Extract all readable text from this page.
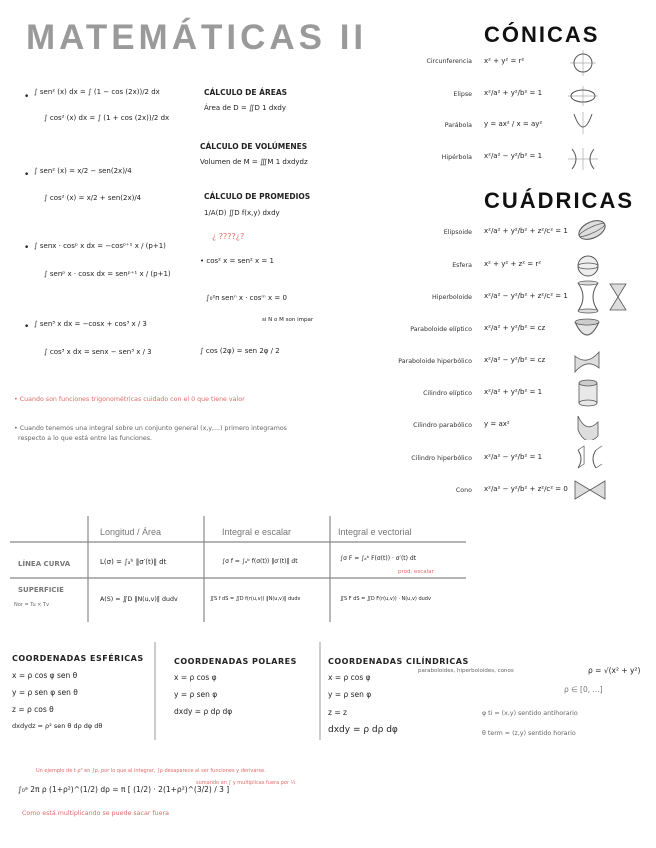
MATEMÁTICAS II	CÓNICAS
Circunferencia x² + y² = r²
Elipse x²/a² + y²/b² = 1
Parábola y = ax² / x = ay²
Hipérbola x²/a² − y²/b² = 1
CUÁDRICAS
Elipsoide x²/a² + y²/b² + z²/c² = 1
Esfera x² + y² + z² = r²
Hiperboloide x²/a² − y²/b² + z²/c² = 1
Paraboloide elíptico x²/a² + y²/b² = cz
Paraboloide hiperbólico x²/a² − y²/b² = cz
Cilindro elíptico x²/a² + y²/b² = 1
Cilindro parabólico y = ax²
Cilindro hiperbólico x²/a² − y²/b² = 1
Cono x²/a² − y²/b² + z²/c² = 0
• ∫ sen² (x) dx = ∫ (1 − cos (2x))/2 dx
∫ cos² (x) dx = ∫ (1 + cos (2x))/2 dx
• ∫ sen² (x) = x/2 − sen(2x)/4
∫ cos² (x) = x/2 + sen(2x)/4
• ∫ senx · cosᵖ x dx = −cosᵖ⁺¹ x / (p+1)
∫ senᵖ x · cosx dx = senᵖ⁺¹ x / (p+1)
• ∫ sen³ x dx = −cosx + cos³ x / 3
∫ cos³ x dx = senx − sen³ x / 3
CÁLCULO DE ÁREAS
Área de D = ∬D 1 dxdy
CÁLCULO DE VOLÚMENES
Volumen de M = ∭M 1 dxdydz
CÁLCULO DE PROMEDIOS
1/A(D) ∬D f(x,y) dxdy
¿ ????¿?
• cos² x = sen² x = 1
∫₀²ᴨ senⁿ x · cosᵐ x = 0
si N o M son impar
∫ cos (2φ) = sen 2φ / 2
• Cuando son funciones trigonométricas cuidado con el 0 que tiene valor
• Cuando tenemos una integral sobre un conjunto general (x,y,...) primero integramos
respecto a lo que está entre las funciones.
Longitud / Área	Integral e escalar	Integral e vectorial
LÍNEA CURVA	L(σ) = ∫ₐᵇ ‖σ′(t)‖ dt	∫σ f = ∫ₐᵇ f(σ(t)) ‖σ′(t)‖ dt	∫σ F = ∫ₐᵇ F(σ(t)) · σ′(t) dt
prod. escalar
SUPERFICIE
Nor = Tu × Tv
A(S) = ∬D ‖N(u,v)‖ dudv	∬S f dS = ∬D f(r(u,v)) ‖N(u,v)‖ dudv	∬S F dS = ∬D F(r(u,v)) · N(u,v) dudv
COORDENADAS ESFÉRICAS
x = ρ cos φ sen θ
y = ρ sen φ sen θ
z = ρ cos θ
dxdydz = ρ² sen θ dρ dφ dθ
COORDENADAS POLARES
x = ρ cos φ
y = ρ sen φ
dxdy = ρ dρ dφ
COORDENADAS CILÍNDRICAS
paraboloides, hiperboloides, conos
x = ρ cos φ
y = ρ sen φ
z = z
dxdy = ρ dρ dφ
ρ = √(x² + y²)
ρ ∈ [0, ...]
φ ti = (x,y) sentido antihorario
θ term = (z,y) sentido horario
Un ejemplo de t·ρ² en ∫ρ, por lo que al integrar, ∫ρ desaparece al ser funciones y derivarse.
∫₀ᵃ 2π ρ (1+ρ²)^(1/2) dρ = π [ (1/2) · 2(1+ρ²)^(3/2) / 3 ]
sumando en ∫ y multiplicas fuera por ½
Como está multiplicando se puede sacar fuera
